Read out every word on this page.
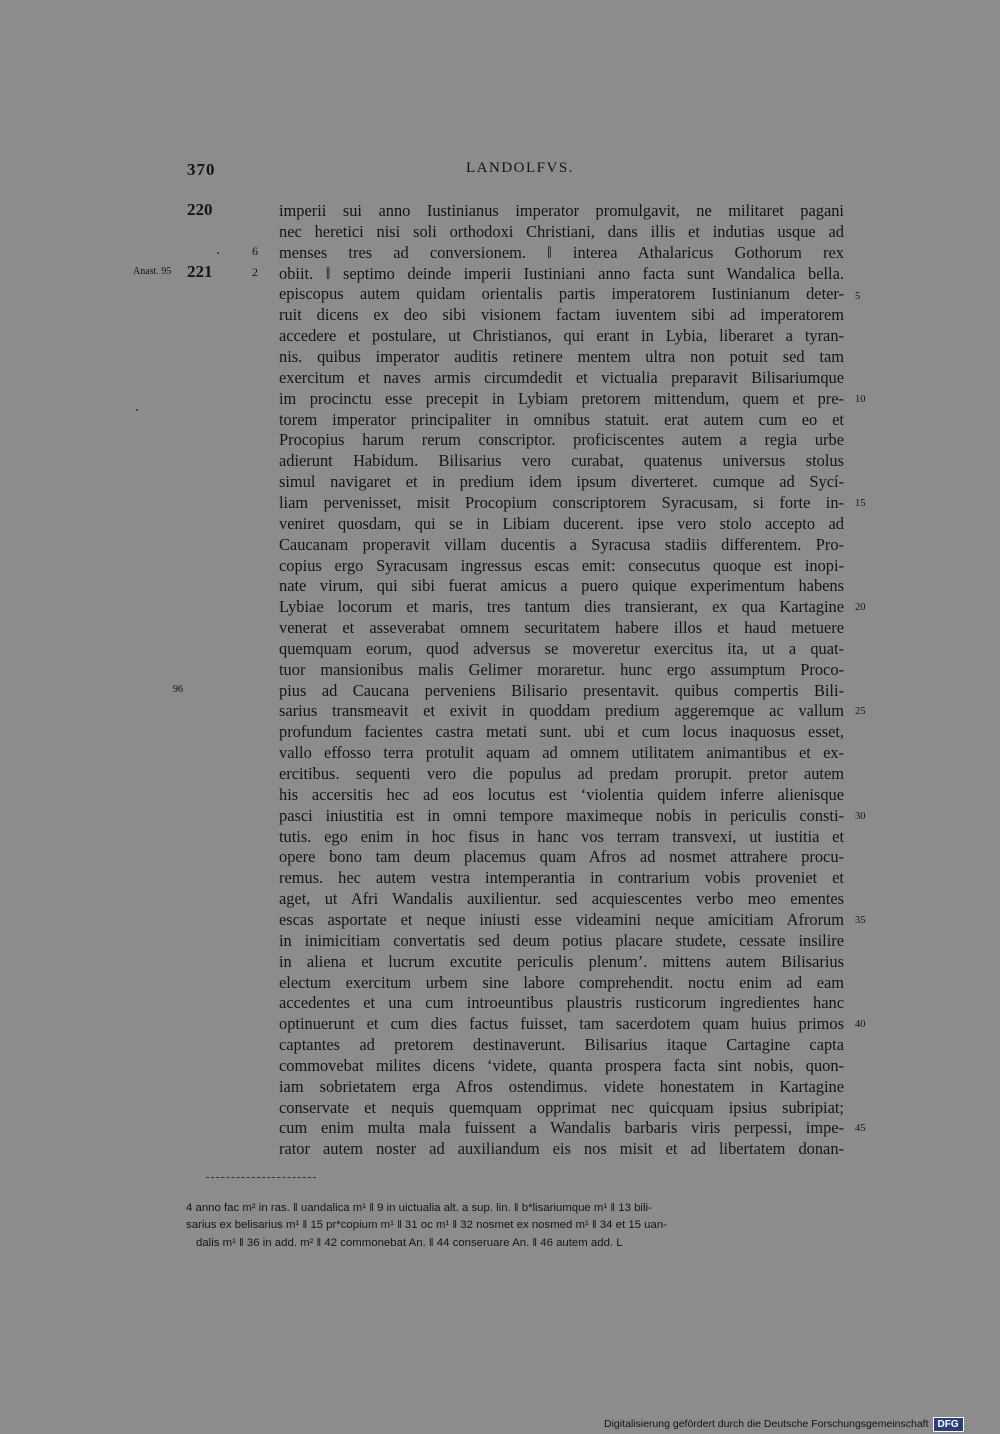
370	LANDOLFVS.
220
Anast. 95 221
96
6
2
imperii sui anno Iustinianus imperator promulgavit, ne militaret pagani
nec heretici nisi soli orthodoxi Christiani, dans illis et indutias usque ad
menses tres ad conversionem. ‖ interea Athalaricus Gothorum rex
obiit. ‖ septimo deinde imperii Iustiniani anno facta sunt Wandalica bella.
episcopus autem quidam orientalis partis imperatorem Iustinianum deter-
ruit dicens ex deo sibi visionem factam iuventem sibi ad imperatorem
accedere et postulare, ut Christianos, qui erant in Lybia, liberaret a tyran-
nis. quibus imperator auditis retinere mentem ultra non potuit sed tam
exercitum et naves armis circumdedit et victualia preparavit Bilisariumque
im procinctu esse precepit in Lybiam pretorem mittendum, quem et pre-
torem imperator principaliter in omnibus statuit. erat autem cum eo et
Procopius harum rerum conscriptor. proficiscentes autem a regia urbe
adierunt Habidum. Bilisarius vero curabat, quatenus universus stolus
simul navigaret et in predium idem ipsum diverteret. cumque ad Sycí-
liam pervenisset, misit Procopium conscriptorem Syracusam, si forte in-
veniret quosdam, qui se in Libiam ducerent. ipse vero stolo accepto ad
Caucanam properavit villam ducentis a Syracusa stadiis differentem. Pro-
copius ergo Syracusam ingressus escas emit: consecutus quoque est inopi-
nate virum, qui sibi fuerat amicus a puero quique experimentum habens
Lybiae locorum et maris, tres tantum dies transierant, ex qua Kartagine
venerat et asseverabat omnem securitatem habere illos et haud metuere
quemquam eorum, quod adversus se moveretur exercitus ita, ut a quat-
tuor mansionibus malis Gelimer moraretur. hunc ergo assumptum Proco-
pius ad Caucana perveniens Bilisario presentavit. quibus compertis Bili-
sarius transmeavit et exivit in quoddam predium aggeremque ac vallum
profundum facientes castra metati sunt. ubi et cum locus inaquosus esset,
vallo effosso terra protulit aquam ad omnem utilitatem animantibus et ex-
ercitibus. sequenti vero die populus ad predam prorupit. pretor autem
his accersitis hec ad eos locutus est ‘violentia quidem inferre alienisque
pasci iniustitia est in omni tempore maximeque nobis in periculis consti-
tutis. ego enim in hoc fisus in hanc vos terram transvexi, ut iustitia et
opere bono tam deum placemus quam Afros ad nosmet attrahere procu-
remus. hec autem vestra intemperantia in contrarium vobis proveniet et
aget, ut Afri Wandalis auxilientur. sed acquiescentes verbo meo ementes
escas asportate et neque iniusti esse videamini neque amicitiam Afrorum
in inimicitiam convertatis sed deum potius placare studete, cessate insilire
in aliena et lucrum excutite periculis plenum’. mittens autem Bilisarius
electum exercitum urbem sine labore comprehendit. noctu enim ad eam
accedentes et una cum introeuntibus plaustris rusticorum ingredientes hanc
optinuerunt et cum dies factus fuisset, tam sacerdotem quam huius primos
captantes ad pretorem destinaverunt. Bilisarius itaque Cartagine capta
commovebat milites dicens ‘videte, quanta prospera facta sint nobis, quon-
iam sobrietatem erga Afros ostendimus. videte honestatem in Kartagine
conservate et nequis quemquam opprimat nec quicquam ipsius subripiat;
cum enim multa mala fuissent a Wandalis barbaris viris perpessi, impe-
rator autem noster ad auxiliandum eis nos misit et ad libertatem donan-
5
10
15
20
25
30
35
40
45
4 anno fac m² in ras. ‖ uandalica m¹ ‖ 9 in uictualia alt. a sup. lin. ‖ b*lisariumque m¹ ‖ 13 bili-
sarius ex belisarius m¹ ‖ 15 pr*copium m¹ ‖ 31 oc m¹ ‖ 32 nosmet ex nosmed m¹ ‖ 34 et 15 uan-
dalis m¹ ‖ 36 in add. m² ‖ 42 commonebat An. ‖ 44 conseruare An. ‖ 46 autem add. L
Digitalisierung gefördert durch die Deutsche Forschungsgemeinschaft DFG
